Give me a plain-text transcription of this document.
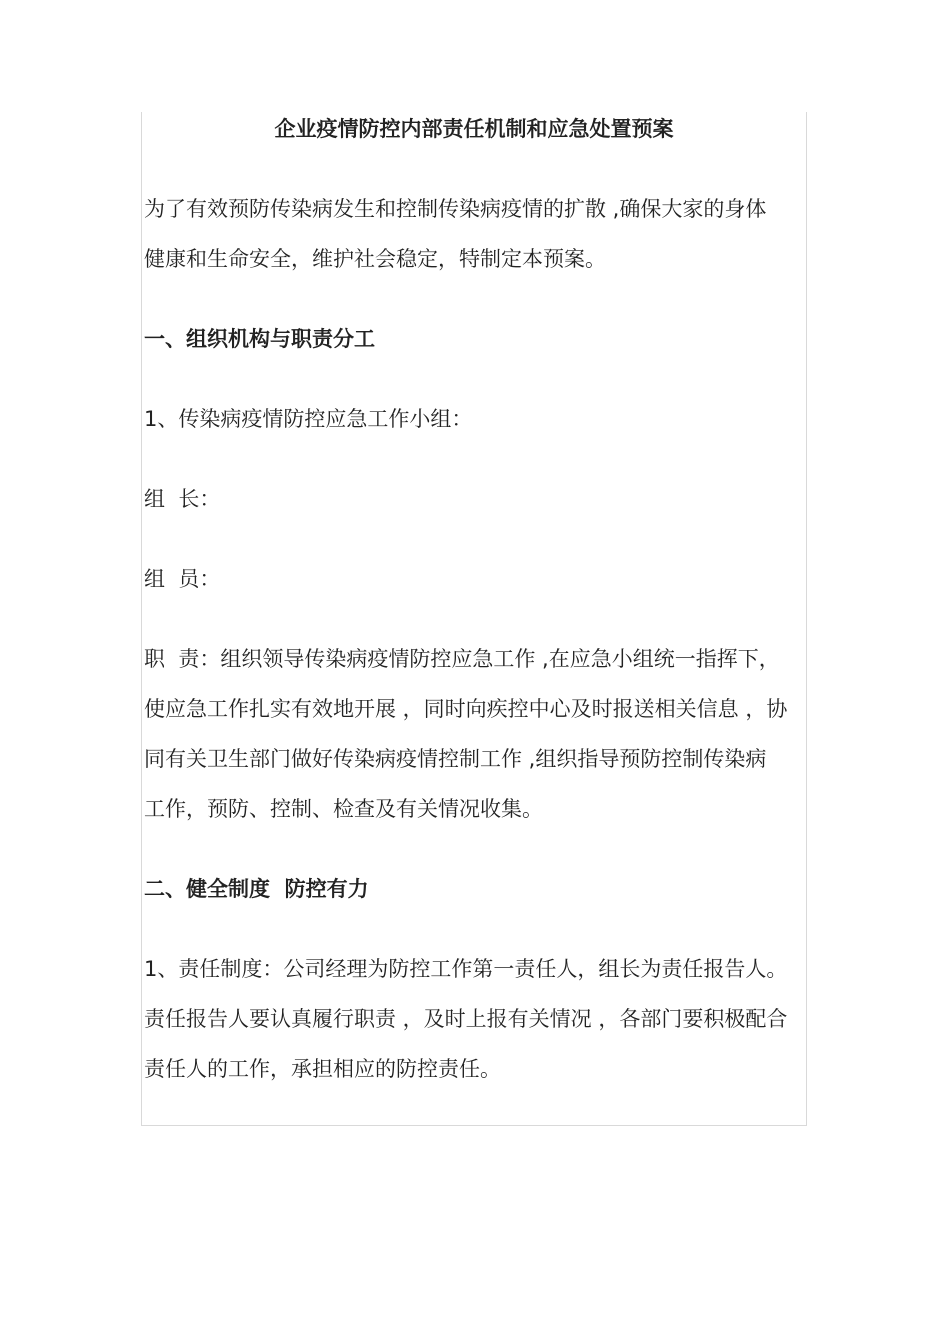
企业疫情防控内部责任机制和应急处置预案
为了有效预防传染病发生和控制传染病疫情的扩散 ,确保大家的身体
健康和生命安全，维护社会稳定，特制定本预案。
一、组织机构与职责分工
1、传染病疫情防控应急工作小组：
组  长：
组  员：
职  责：组织领导传染病疫情防控应急工作 ,在应急小组统一指挥下，
使应急工作扎实有效地开展 ，同时向疾控中心及时报送相关信息 ，协
同有关卫生部门做好传染病疫情控制工作 ,组织指导预防控制传染病
工作，预防、控制、检查及有关情况收集。
二、健全制度  防控有力
1、责任制度：公司经理为防控工作第一责任人，组长为责任报告人。
责任报告人要认真履行职责 ，及时上报有关情况 ，各部门要积极配合
责任人的工作，承担相应的防控责任。
